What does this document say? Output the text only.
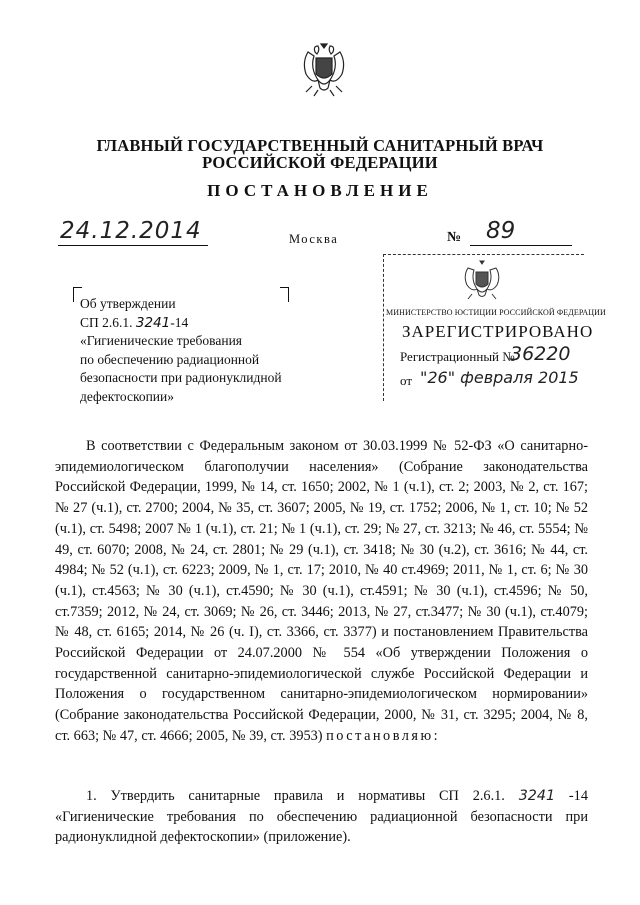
ГЛАВНЫЙ ГОСУДАРСТВЕННЫЙ САНИТАРНЫЙ ВРАЧ
РОССИЙСКОЙ ФЕДЕРАЦИИ
ПОСТАНОВЛЕНИЕ
24.12.2014	Москва	№ 89
Об утверждении
СП 2.6.1. 3241-14
«Гигиенические требования
по обеспечению радиационной
безопасности при радионуклидной
дефектоскопии»
МИНИСТЕРСТВО ЮСТИЦИИ РОССИЙСКОЙ ФЕДЕРАЦИИ
ЗАРЕГИСТРИРОВАНО
Регистрационный №
36220
от "26" февраля 2015

В соответствии с Федеральным законом от 30.03.1999 № 52-ФЗ «О санитарно-эпидемиологическом благополучии населения» (Собрание законодательства Российской Федерации, 1999, № 14, ст. 1650; 2002, № 1 (ч.1), ст. 2; 2003, № 2, ст. 167; № 27 (ч.1), ст. 2700; 2004, № 35, ст. 3607; 2005, № 19, ст. 1752; 2006, № 1, ст. 10; № 52 (ч.1), ст. 5498; 2007 № 1 (ч.1), ст. 21; № 1 (ч.1), ст. 29; № 27, ст. 3213; № 46, ст. 5554; № 49, ст. 6070; 2008, № 24, ст. 2801; № 29 (ч.1), ст. 3418; № 30 (ч.2), ст. 3616; № 44, ст. 4984; № 52 (ч.1), ст. 6223; 2009, № 1, ст. 17; 2010, № 40 ст.4969; 2011, № 1, ст. 6; № 30 (ч.1), ст.4563; № 30 (ч.1), ст.4590; № 30 (ч.1), ст.4591; № 30 (ч.1), ст.4596; № 50, ст.7359; 2012, № 24, ст. 3069; № 26, ст. 3446; 2013, № 27, ст.3477; № 30 (ч.1), ст.4079; № 48, ст. 6165; 2014, № 26 (ч. I), ст. 3366, ст. 3377) и постановлением Правительства Российской Федерации от 24.07.2000 № 554 «Об утверждении Положения о государственной санитарно-эпидемиологической службе Российской Федерации и Положения о государственном санитарно-эпидемиологическом нормировании» (Собрание законодательства Российской Федерации, 2000, № 31, ст. 3295; 2004, № 8, ст. 663; № 47, ст. 4666; 2005, № 39, ст. 3953) постановляю:

1. Утвердить санитарные правила и нормативы СП 2.6.1. 3241 -14 «Гигиенические требования по обеспечению радиационной безопасности при радионуклидной дефектоскопии» (приложение).
